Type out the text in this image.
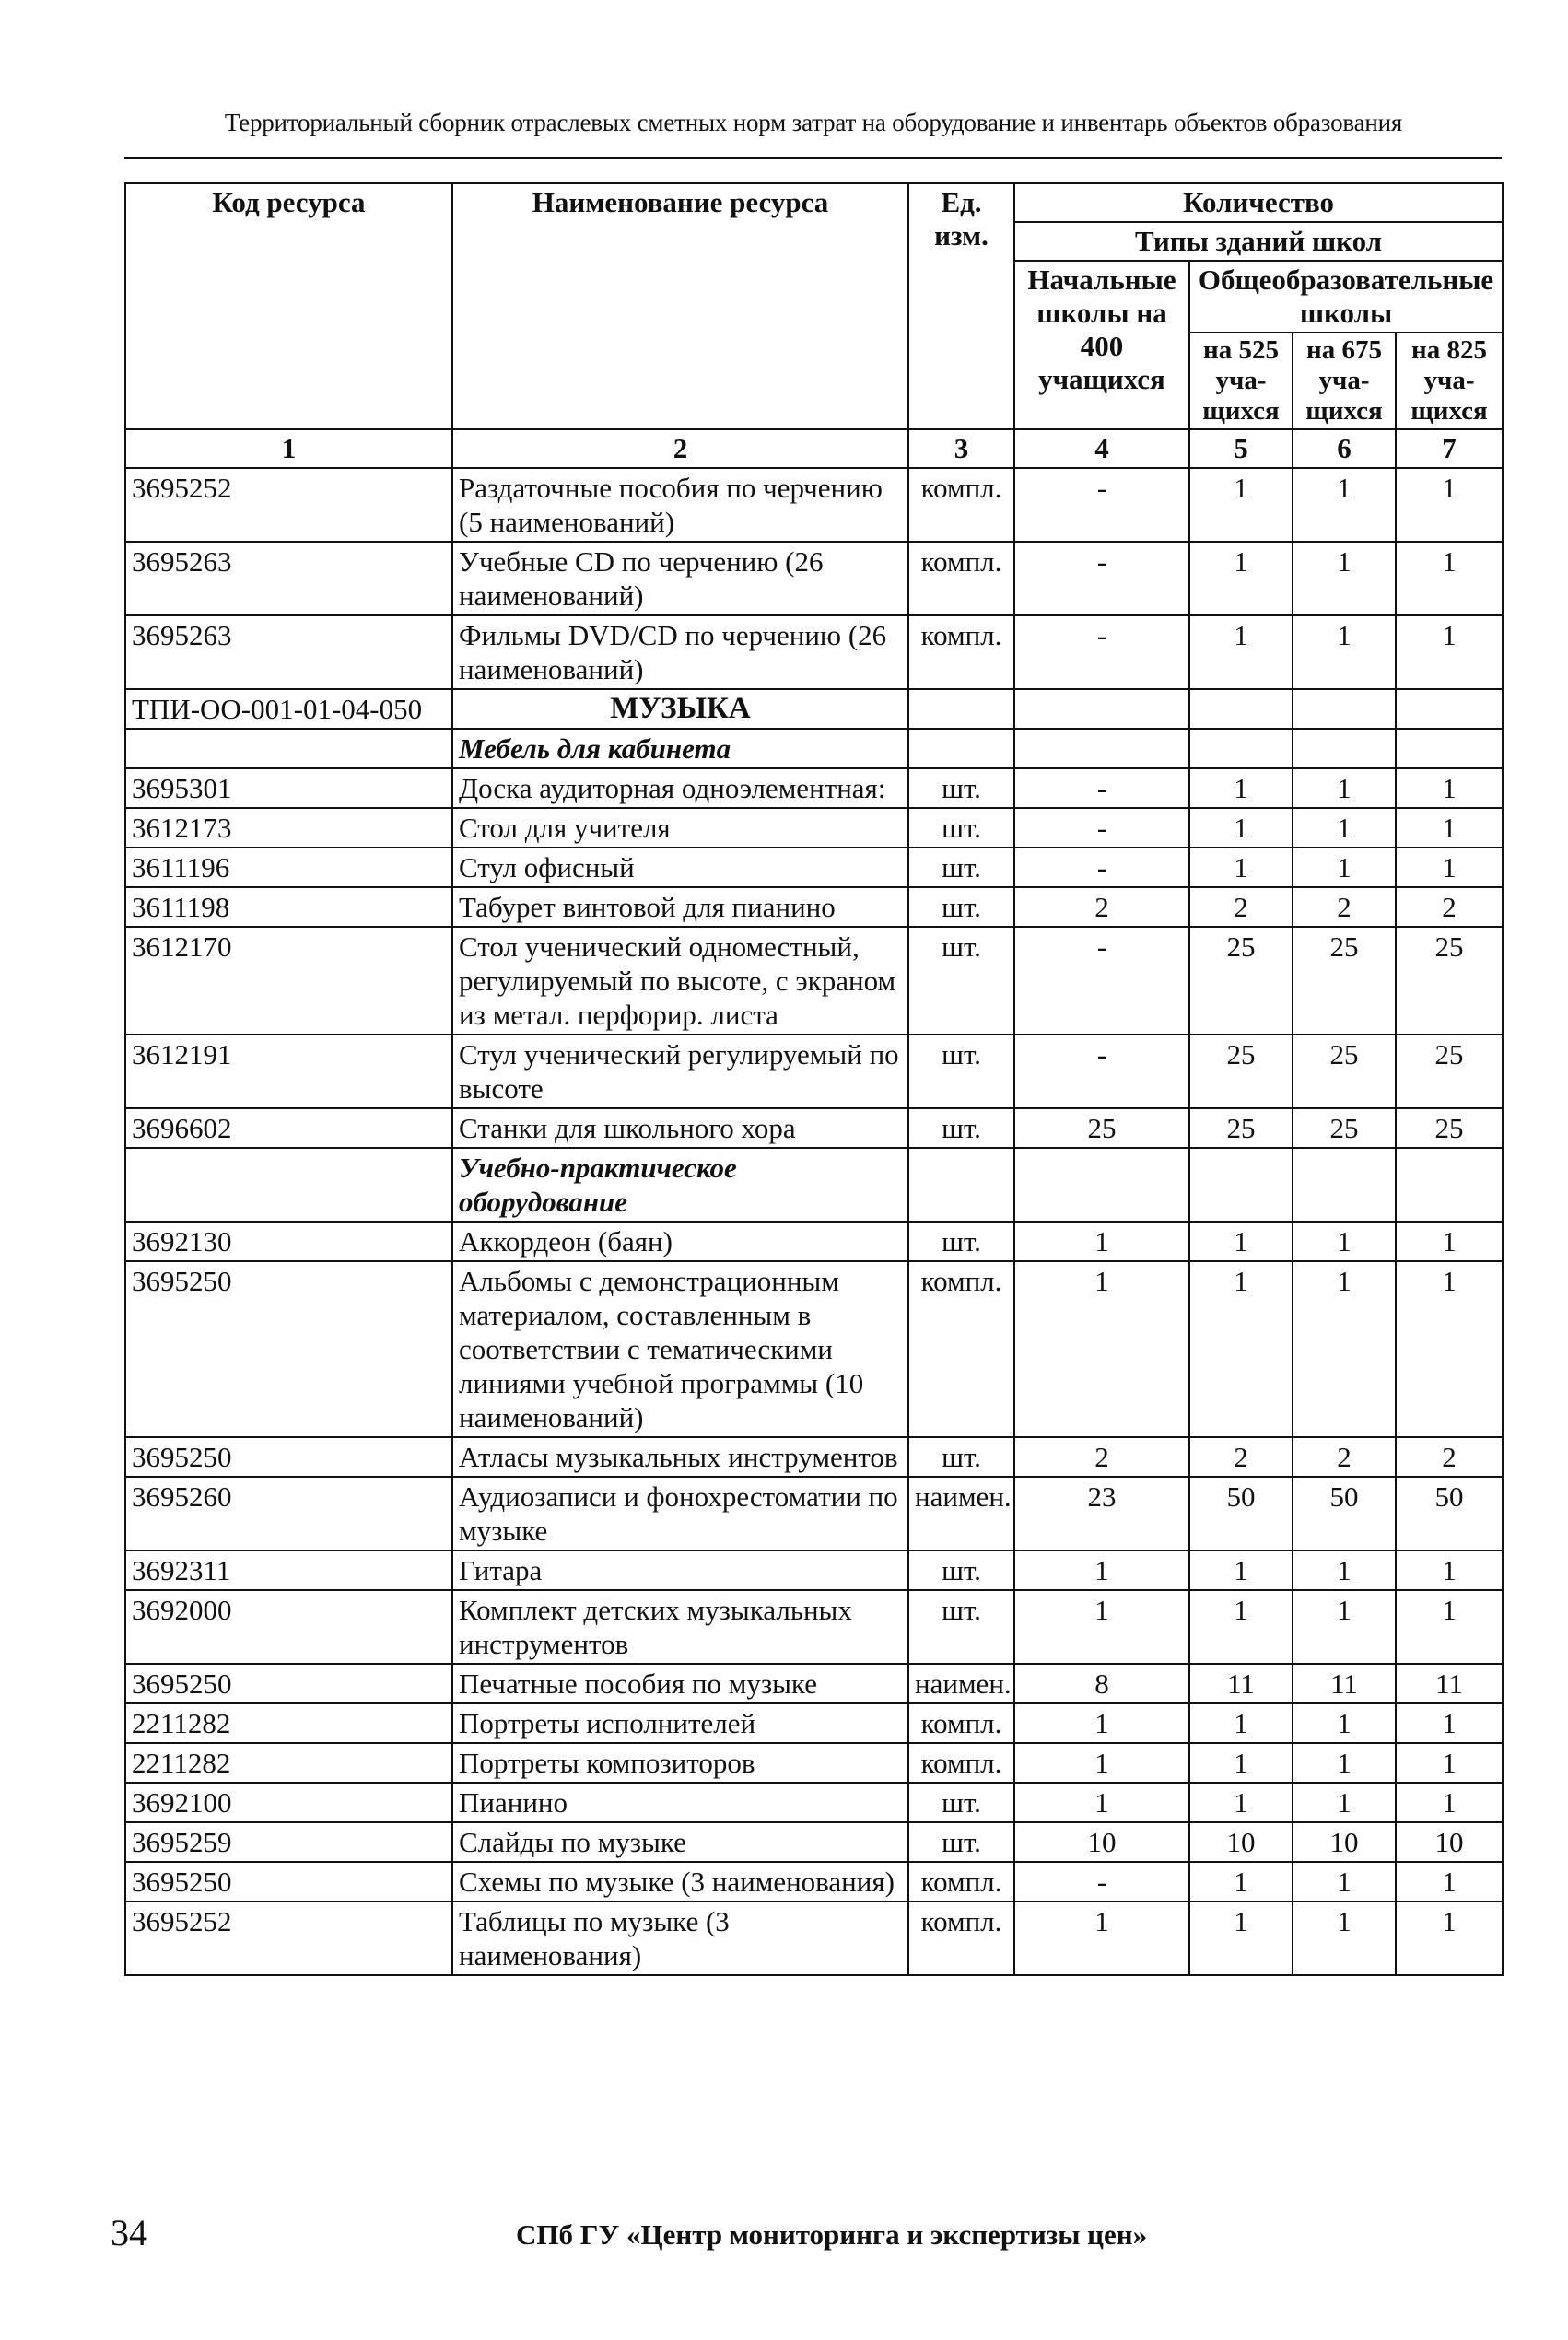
Территориальный сборник отраслевых сметных норм затрат на оборудование и инвентарь объектов образования
Код ресурса	Наименование ресурса	Ед. изм.	Количество			
			Типы зданий школ			
			Начальные школы на 400 учащихся	Общеобразовательные школы		
				на 525 уча-щихся	на 675 уча-щихся	на 825 уча-щихся
1	2	3	4	5	6	7
3695252	Раздаточные пособия по черчению (5 наименований)	компл.	-	1	1	1
3695263	Учебные CD по черчению (26 наименований)	компл.	-	1	1	1
3695263	Фильмы DVD/CD по черчению (26 наименований)	компл.	-	1	1	1
ТПИ-ОО-001-01-04-050	МУЗЫКА					
	Мебель для кабинета					
3695301	Доска аудиторная одноэлементная:	шт.	-	1	1	1
3612173	Стол для учителя	шт.	-	1	1	1
3611196	Стул офисный	шт.	-	1	1	1
3611198	Табурет винтовой для пианино	шт.	2	2	2	2
3612170	Стол ученический одноместный, регулируемый по высоте, с экраном из метал. перфорир. листа	шт.	-	25	25	25
3612191	Стул ученический регулируемый по высоте	шт.	-	25	25	25
3696602	Станки для школьного хора	шт.	25	25	25	25
	Учебно-практическое оборудование					
3692130	Аккордеон (баян)	шт.	1	1	1	1
3695250	Альбомы с демонстрационным материалом, составленным в соответствии с тематическими линиями учебной программы (10 наименований)	компл.	1	1	1	1
3695250	Атласы музыкальных инструментов	шт.	2	2	2	2
3695260	Аудиозаписи и фонохрестоматии по музыке	наимен.	23	50	50	50
3692311	Гитара	шт.	1	1	1	1
3692000	Комплект детских музыкальных инструментов	шт.	1	1	1	1
3695250	Печатные пособия по музыке	наимен.	8	11	11	11
2211282	Портреты исполнителей	компл.	1	1	1	1
2211282	Портреты композиторов	компл.	1	1	1	1
3692100	Пианино	шт.	1	1	1	1
3695259	Слайды по музыке	шт.	10	10	10	10
3695250	Схемы по музыке (3 наименования)	компл.	-	1	1	1
3695252	Таблицы по музыке (3 наименования)	компл.	1	1	1	1
34	СПб ГУ «Центр мониторинга и экспертизы цен»
